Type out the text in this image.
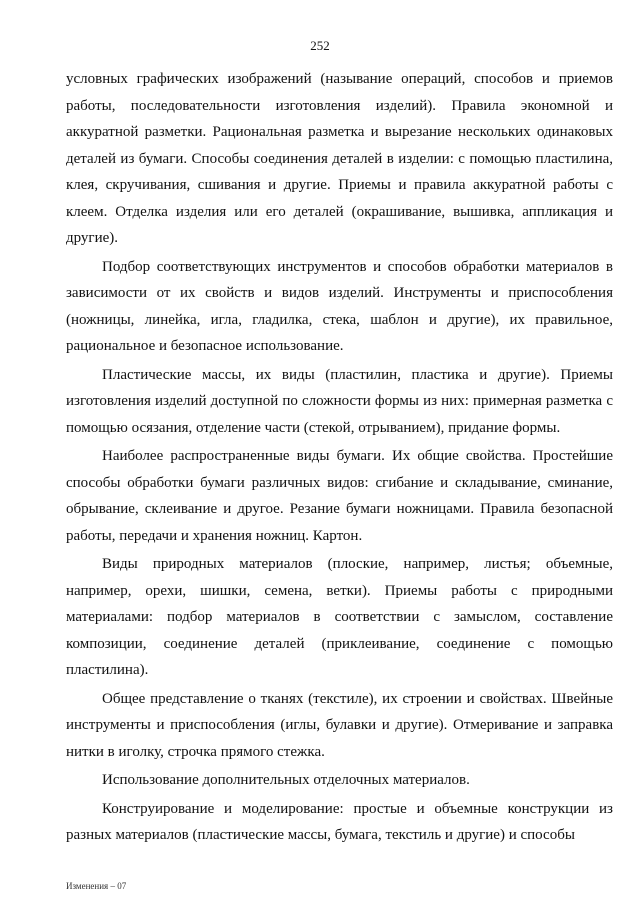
252

условных графических изображений (называние операций, способов и приемов работы, последовательности изготовления изделий). Правила экономной и аккуратной разметки. Рациональная разметка и вырезание нескольких одинаковых деталей из бумаги. Способы соединения деталей в изделии: с помощью пластилина, клея, скручивания, сшивания и другие. Приемы и правила аккуратной работы с клеем. Отделка изделия или его деталей (окрашивание, вышивка, аппликация и другие).

Подбор соответствующих инструментов и способов обработки материалов в зависимости от их свойств и видов изделий. Инструменты и приспособления (ножницы, линейка, игла, гладилка, стека, шаблон и другие), их правильное, рациональное и безопасное использование.

Пластические массы, их виды (пластилин, пластика и другие). Приемы изготовления изделий доступной по сложности формы из них: примерная разметка с помощью осязания, отделение части (стекой, отрыванием), придание формы.

Наиболее распространенные виды бумаги. Их общие свойства. Простейшие способы обработки бумаги различных видов: сгибание и складывание, сминание, обрывание, склеивание и другое. Резание бумаги ножницами. Правила безопасной работы, передачи и хранения ножниц. Картон.

Виды природных материалов (плоские, например, листья; объемные, например, орехи, шишки, семена, ветки). Приемы работы с природными материалами: подбор материалов в соответствии с замыслом, составление композиции, соединение деталей (приклеивание, соединение с помощью пластилина).

Общее представление о тканях (текстиле), их строении и свойствах. Швейные инструменты и приспособления (иглы, булавки и другие). Отмеривание и заправка нитки в иголку, строчка прямого стежка.

Использование дополнительных отделочных материалов.

Конструирование и моделирование: простые и объемные конструкции из разных материалов (пластические массы, бумага, текстиль и другие) и способы

Изменения – 07
